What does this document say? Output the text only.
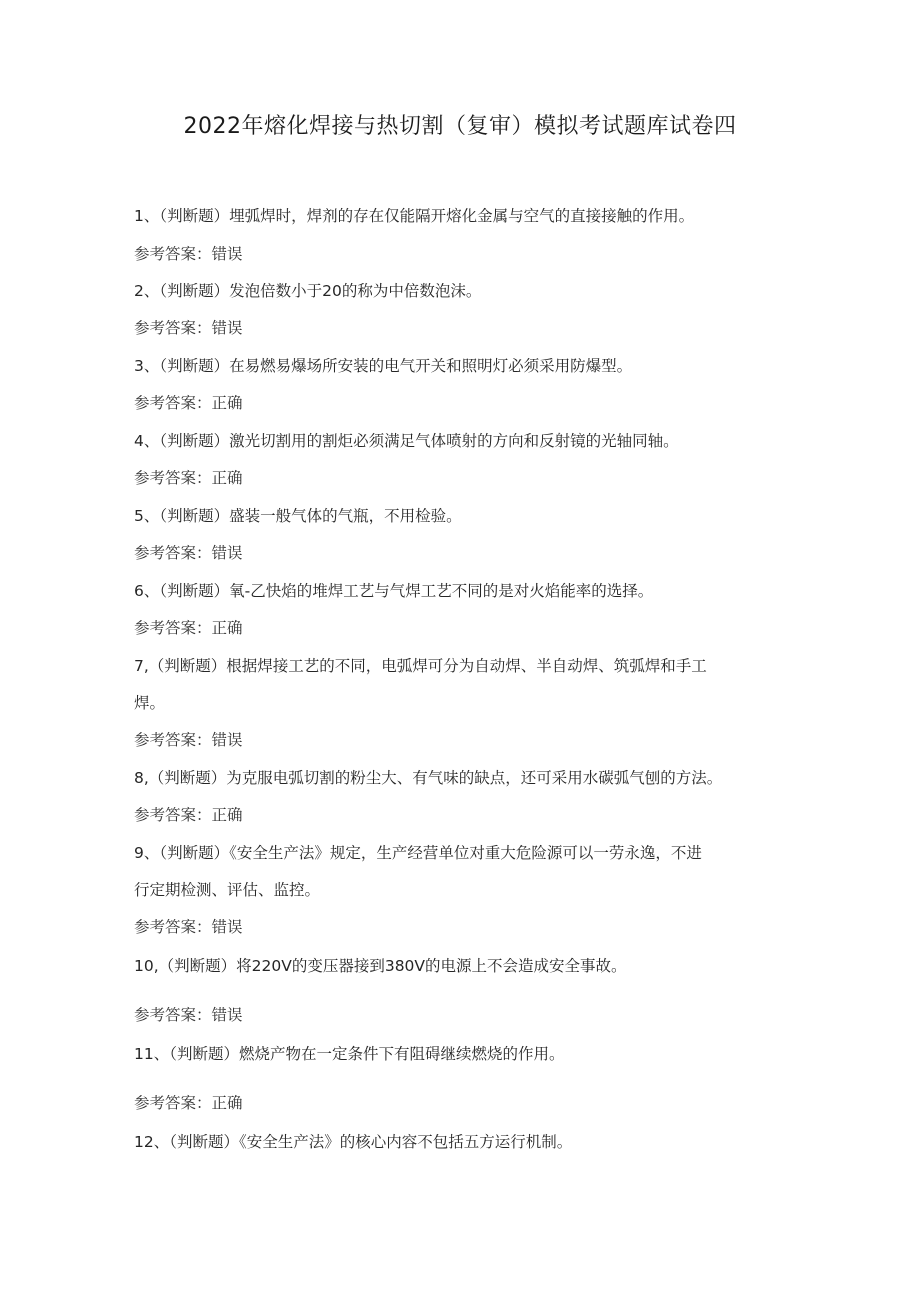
2022年熔化焊接与热切割（复审）模拟考试题库试卷四
1、（判断题）埋弧焊时，焊剂的存在仅能隔开熔化金属与空气的直接接触的作用。
参考答案：错误
2、（判断题）发泡倍数小于20的称为中倍数泡沫。
参考答案：错误
3、（判断题）在易燃易爆场所安装的电气开关和照明灯必须采用防爆型。
参考答案：正确
4、（判断题）激光切割用的割炬必须满足气体喷射的方向和反射镜的光轴同轴。
参考答案：正确
5、（判断题）盛装一般气体的气瓶，不用检验。
参考答案：错误
6、（判断题）氧-乙快焰的堆焊工艺与气焊工艺不同的是对火焰能率的选择。
参考答案：正确
7,（判断题）根据焊接工艺的不同，电弧焊可分为自动焊、半自动焊、筑弧焊和手工
焊。
参考答案：错误
8,（判断题）为克服电弧切割的粉尘大、有气味的缺点，还可采用水碳弧气刨的方法。
参考答案：正确
9、（判断题）《安全生产法》规定，生产经营单位对重大危险源可以一劳永逸，不进
行定期检测、评估、监控。
参考答案：错误
10,（判断题）将220V的变压器接到380V的电源上不会造成安全事故。
参考答案：错误
11、（判断题）燃烧产物在一定条件下有阻碍继续燃烧的作用。
参考答案：正确
12、（判断题）《安全生产法》的核心内容不包括五方运行机制。
